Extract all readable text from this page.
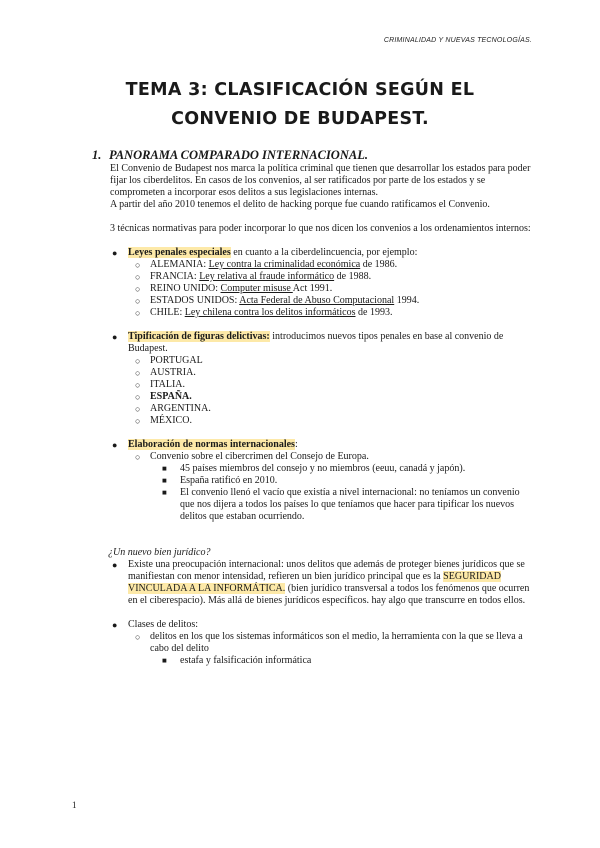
CRIMINALIDAD Y NUEVAS TECNOLOGÍAS.
TEMA 3: CLASIFICACIÓN SEGÚN EL
CONVENIO DE BUDAPEST.
1. PANORAMA COMPARADO INTERNACIONAL.

El Convenio de Budapest nos marca la política criminal que tienen que desarrollar los estados para poder fijar los ciberdelitos. En casos de los convenios, al ser ratificados por parte de los estados y se comprometen a incorporar esos delitos a sus legislaciones internas.

A partir del año 2010 tenemos el delito de hacking porque fue cuando ratificamos el Convenio.

3 técnicas normativas para poder incorporar lo que nos dicen los convenios a los ordenamientos internos:

● Leyes penales especiales en cuanto a la ciberdelincuencia, por ejemplo:
○ ALEMANIA: Ley contra la criminalidad económica de 1986.
○ FRANCIA: Ley relativa al fraude informático de 1988.
○ REINO UNIDO: Computer misuse Act 1991.
○ ESTADOS UNIDOS: Acta Federal de Abuso Computacional 1994.
○ CHILE: Ley chilena contra los delitos informáticos de 1993.
● Tipificación de figuras delictivas: introducimos nuevos tipos penales en base al convenio de Budapest.
○ PORTUGAL
○ AUSTRIA.
○ ITALIA.
○ ESPAÑA.
○ ARGENTINA.
○ MÉXICO.
● Elaboración de normas internacionales:
○ Convenio sobre el cibercrimen del Consejo de Europa.
■ 45 países miembros del consejo y no miembros (eeuu, canadá y japón).
■ España ratificó en 2010.
■ El convenio llenó el vacío que existía a nivel internacional: no teníamos un convenio que nos dijera a todos los países lo que teníamos que hacer para tipificar los nuevos delitos que estaban ocurriendo.

¿Un nuevo bien jurídico?

● Existe una preocupación internacional: unos delitos que además de proteger bienes jurídicos que se manifiestan con menor intensidad, refieren un bien jurídico principal que es la SEGURIDAD VINCULADA A LA INFORMÁTICA. (bien jurídico transversal a todos los fenómenos que ocurren en el ciberespacio). Más allá de bienes jurídicos específicos. hay algo que transcurre en todos ellos.
● Clases de delitos:
○ delitos en los que los sistemas informáticos son el medio, la herramienta con la que se lleva a cabo del delito
■ estafa y falsificación informática
1
